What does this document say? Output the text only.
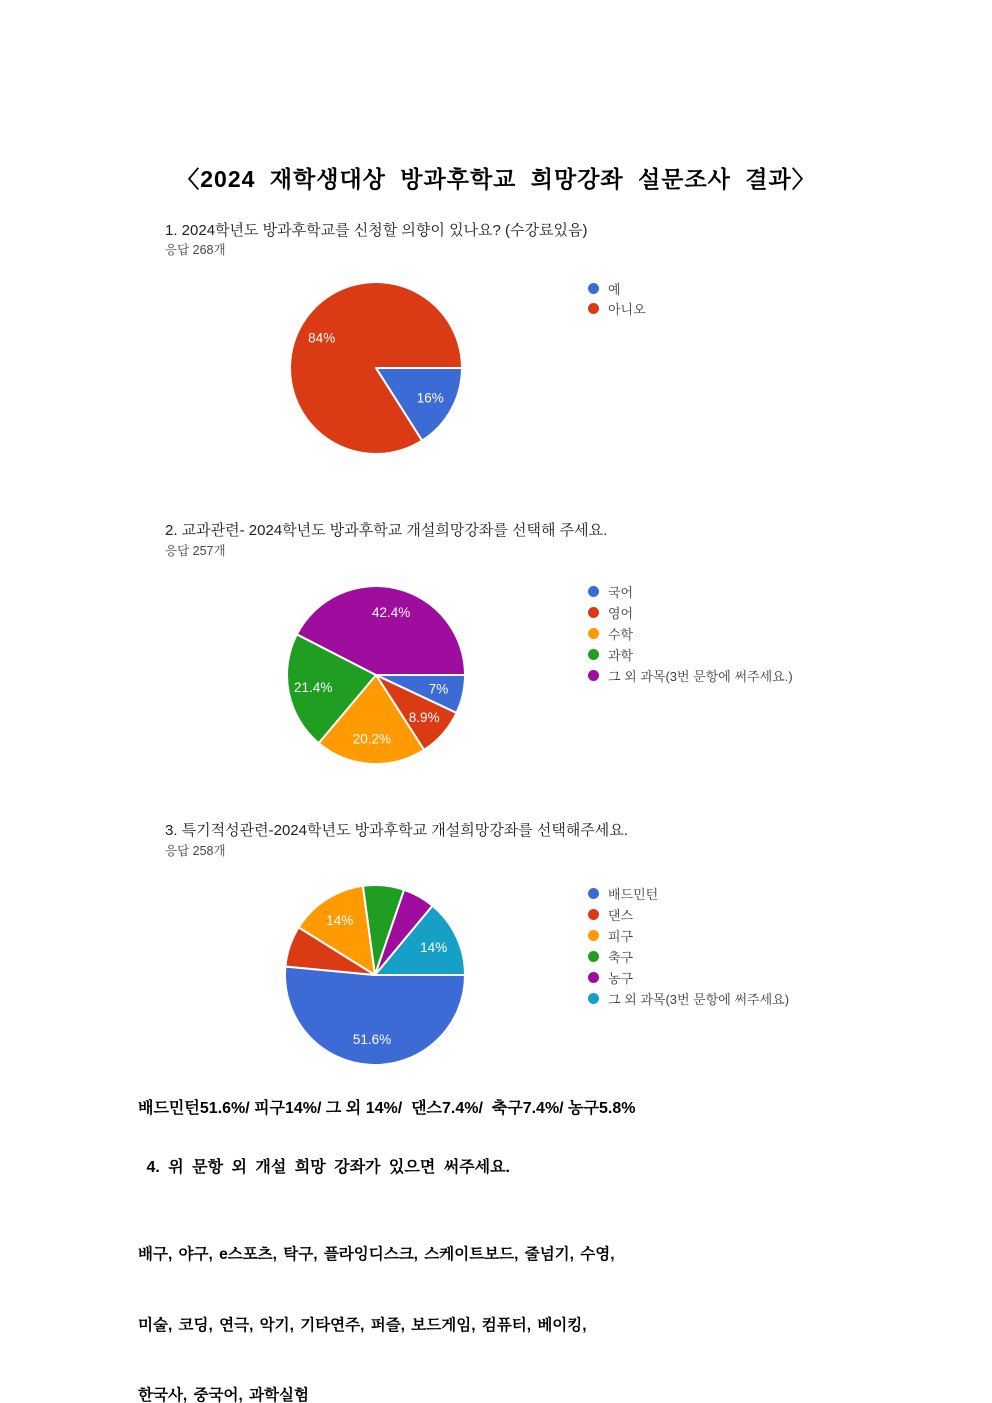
〈2024 재학생대상 방과후학교 희망강좌 설문조사 결과〉
1. 2024학년도 방과후학교를 신청할 의향이 있나요? (수강료있음)
응답 268개
16%
84%
예
아니오
2. 교과관련- 2024학년도 방과후학교 개설희망강좌를 선택해 주세요.
응답 257개
7%
8.9%
20.2%
21.4%
42.4%
국어
영어
수학
과학
그 외 과목(3번 문항에 써주세요.)
3. 특기적성관련-2024학년도 방과후학교 개설희망강좌를 선택해주세요.
응답 258개
51.6%
14%
14%
배드민턴
댄스
피구
축구
농구
그 외 과목(3번 문항에 써주세요)
배드민턴51.6%/ 피구14%/ 그 외 14%/  댄스7.4%/  축구7.4%/ 농구5.8%
4. 위 문항 외 개설 희망 강좌가 있으면 써주세요.

배구, 야구, e스포츠, 탁구, 플라잉디스크, 스케이트보드, 줄넘기, 수영,

미술, 코딩, 연극, 악기, 기타연주, 퍼즐, 보드게임, 컴퓨터, 베이킹,

한국사, 중국어, 과학실험
